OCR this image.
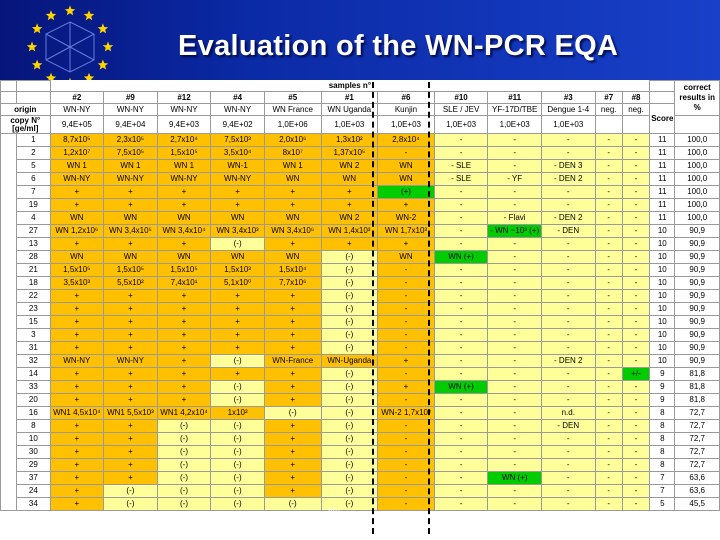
Evaluation of the WN-PCR EQA
		samples n°													correct results in %
		#2	#9	#12	#4	#5	#1	#6	#10	#11	#3	#7	#8		
origin		WN-NY	WN-NY	WN-NY	WN-NY	WN France	WN Uganda	Kunjin	SLE / JEV	YF-17D/TBE	Dengue 1-4	neg.	neg.	Score	
copy N° [ge/ml]		9,4E+05	9,4E+04	9,4E+03	9,4E+02	1,0E+06	1,0E+03	1,0E+03	1,0E+03	1,0E+03	1,0E+03				
	1	8,7x10⁵	2,3x10⁵	2,7x10⁴	7,5x10³	2,0x10⁶	1,3x10²	2,8x10⁴	-	-	-	-	-	11	100,0
	2	1,2x10⁷	7,5x10⁵	1,5x10⁵	3,5x10⁴	8x10⁷	1,37x10⁵	-	-	-	-	-	-	11	100,0
	5	WN 1	WN 1	WN 1	WN-1	WN 1	WN 2	WN	- SLE	-	- DEN 3	-	-	11	100,0
	6	WN-NY	WN-NY	WN-NY	WN-NY	WN	WN	WN	- SLE	- YF	- DEN 2	-	-	11	100,0
	7	+	+	+	+	+	+	(+)	-	-	-	-	-	11	100,0
	19	+	+	+	+	+	+	+	-	-	-	-	-	11	100,0
	4	WN	WN	WN	WN	WN	WN 2	WN-2	-	- Flavi	- DEN 2	-	-	11	100,0
	27	WN 1,2x10⁶	WN 3,4x10⁵	WN 3,4x10⁴	WN 3,4x10³	WN 3,4x10⁶	WN 1,4x10³	WN 1,7x10³	-	- WN ~10³ (+)	- DEN	-	-	10	90,9
	13	+	+	+	(-)	+	+	+	-	-	-	-	-	10	90,9
	28	WN	WN	WN	WN	WN	(-)	WN	WN (+)	-	-	-	-	10	90,9
	21	1,5x10⁵	1,5x10⁵	1,5x10⁵	1,5x10³	1,5x10⁴	(-)	-	-	-	-	-	-	10	90,9
	18	3,5x10³	5,5x10²	7,4x10¹	5,1x10⁰	7,7x10⁶	(-)	-	-	-	-	-	-	10	90,9
	22	+	+	+	+	+	(-)	-	-	-	-	-	-	10	90,9
	23	+	+	+	+	+	(-)	-	-	-	-	-	-	10	90,9
	15	+	+	+	+	+	(-)	-	-	-	-	-	-	10	90,9
	3	+	+	+	+	+	(-)	-	-	-	-	-	-	10	90,9
	31	+	+	+	+	+	(-)	-	-	-	-	-	-	10	90,9
	32	WN-NY	WN-NY	+	(-)	WN-France	WN-Uganda	+	-	-	- DEN 2	-	-	10	90,9
	14	+	+	+	+	+	(-)	-	-	-	-	-	+/-	9	81,8
	33	+	+	+	(-)	+	(-)	+	WN (+)	-	-	-	-	9	81,8
	20	+	+	+	(-)	+	(-)	-	-	-	-	-	-	9	81,8
	16	WN1 4,5x10⁴	WN1 5,5x10³	WN1 4,2x10⁴	1x10²	(-)	(-)	WN-2 1,7x10³	-	-	n.d.	-	-	8	72,7
	8	+	+	(-)	(-)	+	(-)	-	-	-	- DEN	-	-	8	72,7
	10	+	+	(-)	(-)	+	(-)	-	-	-	-	-	-	8	72,7
	30	+	+	(-)	(-)	+	(-)	-	-	-	-	-	-	8	72,7
	29	+	+	(-)	(-)	+	(-)	-	-	-	-	-	-	8	72,7
	37	+	+	(-)	(-)	+	(-)	-	-	WN (+)	-	-	-	7	63,6
	24	+	(-)	(-)	(-)	+	(-)	-	-	-	-	-	-	7	63,6
	34	+	(-)	(-)	(-)	(-)	(-)	-	-	-	-	-	-	5	45,5
NV ...
